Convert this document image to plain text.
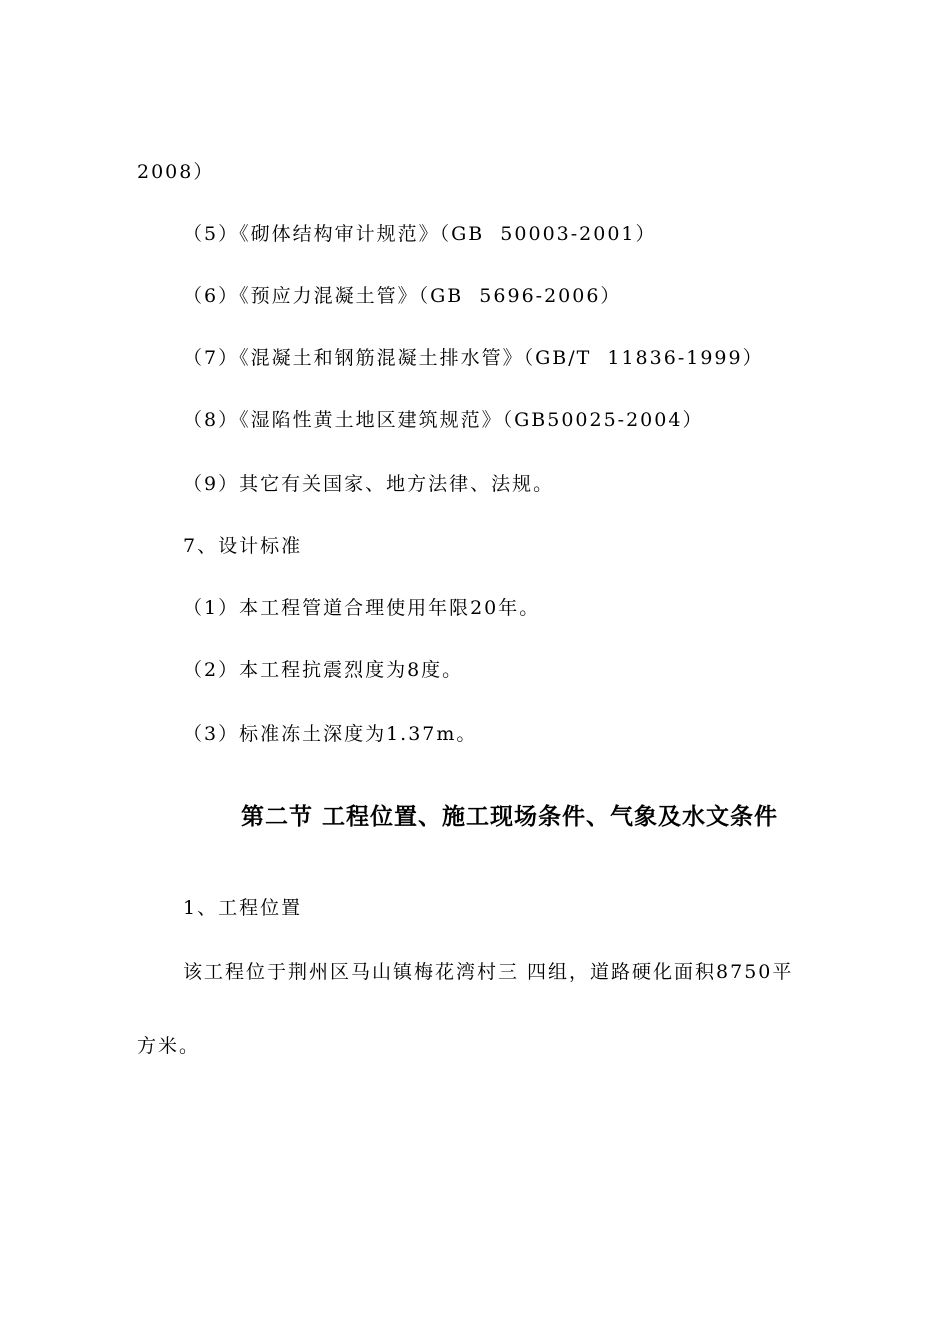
2008）
（5）《砌体结构审计规范》（GB  50003-2001）
（6）《预应力混凝土管》（GB  5696-2006）
（7）《混凝土和钢筋混凝土排水管》（GB/T  11836-1999）
（8）《湿陷性黄土地区建筑规范》（GB50025-2004）
（9）其它有关国家、地方法律、法规。
7、设计标准
（1）本工程管道合理使用年限20年。
（2）本工程抗震烈度为8度。
（3）标准冻土深度为1.37m。
第二节 工程位置、施工现场条件、气象及水文条件
1、工程位置
该工程位于荆州区马山镇梅花湾村三 四组，道路硬化面积8750平
方米。
